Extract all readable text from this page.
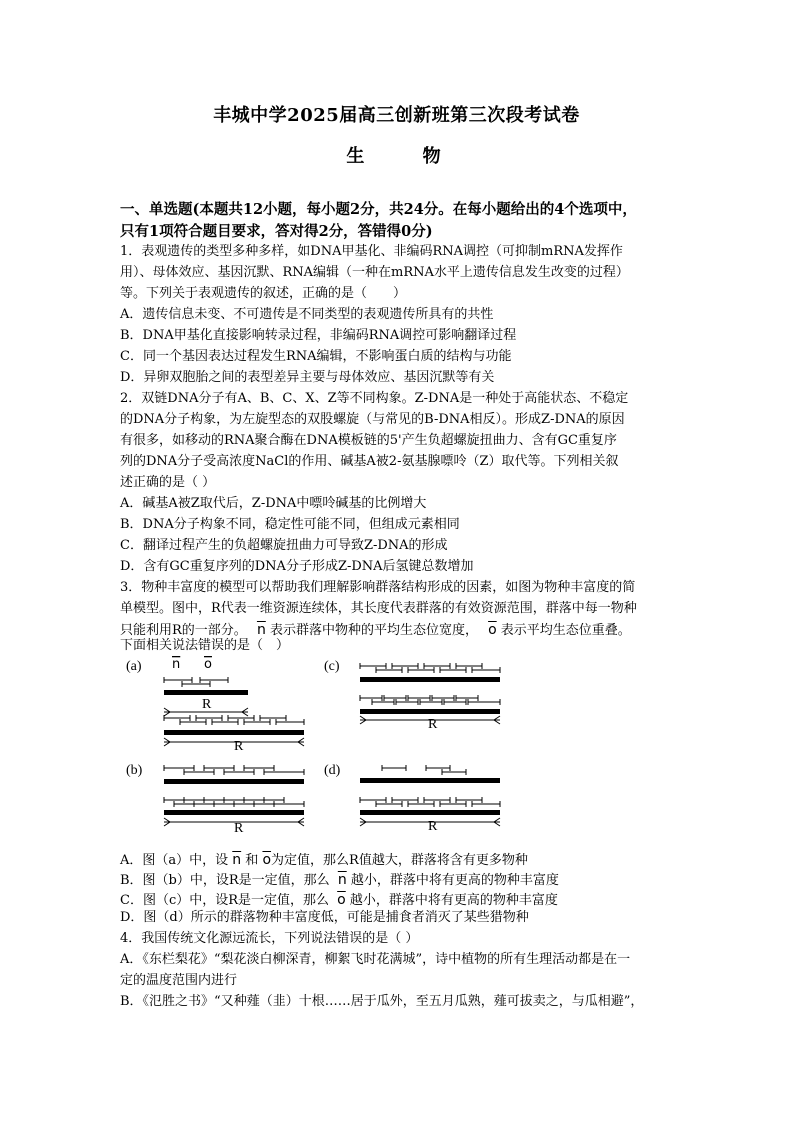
丰城中学2025届高三创新班第三次段考试卷
生 物
一、单选题(本题共12小题，每小题2分，共24分。在每小题给出的4个选项中，
只有1项符合题目要求，答对得2分，答错得0分)
1．表观遗传的类型多种多样，如DNA甲基化、非编码RNA调控（可抑制mRNA发挥作
用）、母体效应、基因沉默、RNA编辑（一种在mRNA水平上遗传信息发生改变的过程）
等。下列关于表观遗传的叙述，正确的是（　　）
A．遗传信息未变、不可遗传是不同类型的表观遗传所具有的共性
B．DNA甲基化直接影响转录过程，非编码RNA调控可影响翻译过程
C．同一个基因表达过程发生RNA编辑，不影响蛋白质的结构与功能
D．异卵双胞胎之间的表型差异主要与母体效应、基因沉默等有关
2．双链DNA分子有A、B、C、X、Z等不同构象。Z-DNA是一种处于高能状态、不稳定
的DNA分子构象，为左旋型态的双股螺旋（与常见的B-DNA相反）。形成Z-DNA的原因
有很多，如移动的RNA聚合酶在DNA模板链的5'产生负超螺旋扭曲力、含有GC重复序
列的DNA分子受高浓度NaCl的作用、碱基A被2-氨基腺嘌呤（Z）取代等。下列相关叙
述正确的是（ ）
A．碱基A被Z取代后，Z-DNA中嘌呤碱基的比例增大
B．DNA分子构象不同，稳定性可能不同，但组成元素相同
C．翻译过程产生的负超螺旋扭曲力可导致Z-DNA的形成
D．含有GC重复序列的DNA分子形成Z-DNA后氢键总数增加
3．物种丰富度的模型可以帮助我们理解影响群落结构形成的因素，如图为物种丰富度的简
单模型。图中，R代表一维资源连续体，其长度代表群落的有效资源范围，群落中每一物种
只能利用R的一部分。 $\overline{n}$ 表示群落中物种的平均生态位宽度， $\overline{o}$ 表示平均生态位重叠。
下面相关说法错误的是（　）
(a)	(c)
(b)	(d)
n o
R
R
R
R
R
A．图（a）中，设 $\overline{n}$ 和 $\overline{o}$为定值，那么R值越大，群落将含有更多物种
B．图（b）中，设R是一定值，那么 $\overline{n}$ 越小，群落中将有更高的物种丰富度
C．图（c）中，设R是一定值，那么 $\overline{o}$ 越小，群落中将有更高的物种丰富度
D．图（d）所示的群落物种丰富度低，可能是捕食者消灭了某些猎物种
4．我国传统文化源远流长，下列说法错误的是（ ）
A．《东栏梨花》“梨花淡白柳深青，柳絮飞时花满城”，诗中植物的所有生理活动都是在一
定的温度范围内进行
B．《氾胜之书》“又种薤（韭）十根……居于瓜外，至五月瓜熟，薤可拔卖之，与瓜相避”，
